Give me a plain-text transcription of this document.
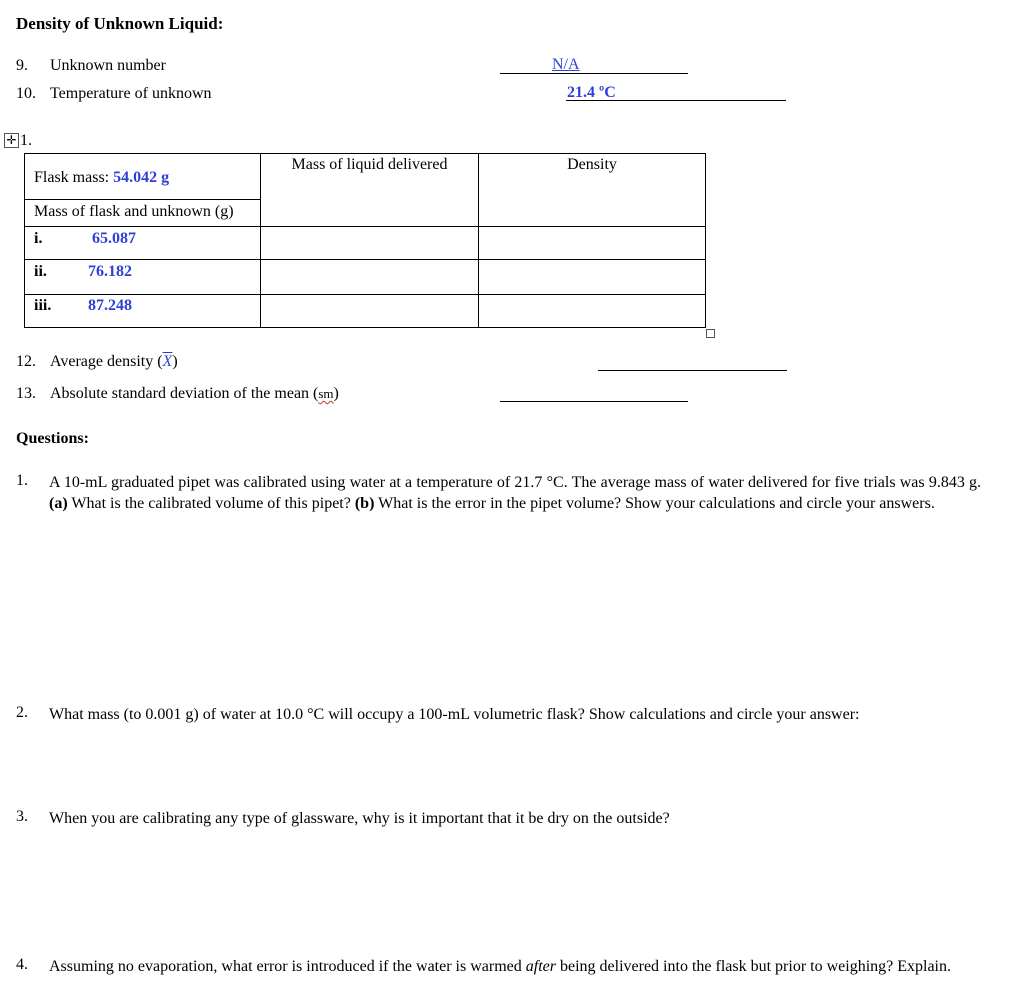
Density of Unknown Liquid:
9. Unknown number	N/A
10. Temperature of unknown	21.4 ºC
✛ 1.
Flask mass: 54.042 g
Mass of flask and unknown (g)
Mass of liquid delivered	Density
i.	65.087
ii.	76.182
iii. 87.248
12. Average density $(\overline{X})$
13. Absolute standard deviation of the mean (sm)
Questions:
1. A 10-mL graduated pipet was calibrated using water at a temperature of 21.7 °C. The average mass of water delivered for five trials was 9.843 g. (a) What is the calibrated volume of this pipet? (b) What is the error in the pipet volume? Show your calculations and circle your answers.
2. What mass (to 0.001 g) of water at 10.0 °C will occupy a 100-mL volumetric flask? Show calculations and circle your answer:
3. When you are calibrating any type of glassware, why is it important that it be dry on the outside?
4. Assuming no evaporation, what error is introduced if the water is warmed after being delivered into the flask but prior to weighing? Explain.
